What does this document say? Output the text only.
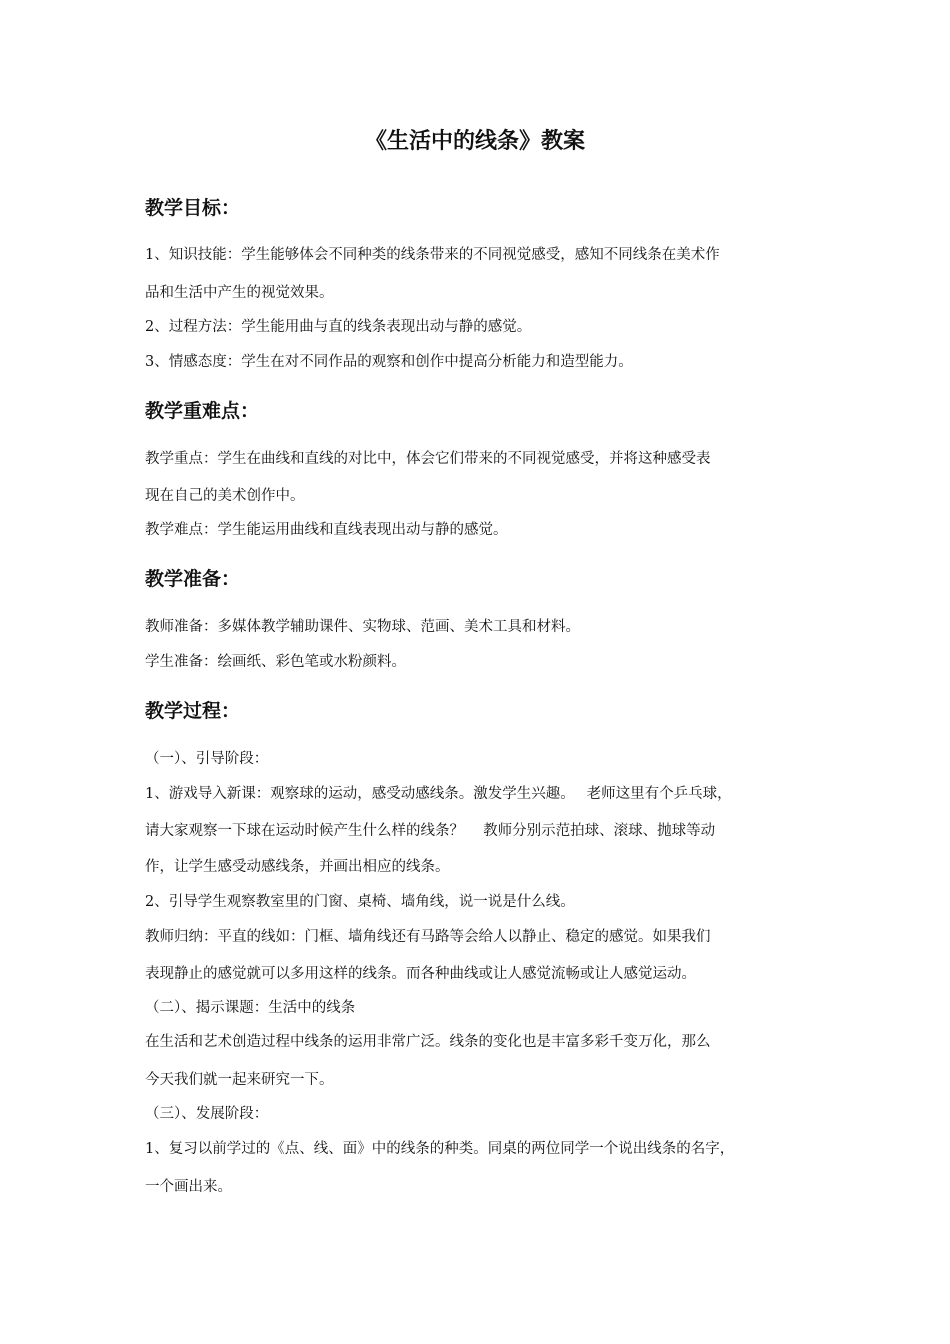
《生活中的线条》教案
教学目标：

1、知识技能：学生能够体会不同种类的线条带来的不同视觉感受，感知不同线条在美术作

品和生活中产生的视觉效果。

2、过程方法：学生能用曲与直的线条表现出动与静的感觉。

3、情感态度：学生在对不同作品的观察和创作中提高分析能力和造型能力。

教学重难点：

教学重点：学生在曲线和直线的对比中，体会它们带来的不同视觉感受，并将这种感受表

现在自己的美术创作中。

教学难点：学生能运用曲线和直线表现出动与静的感觉。

教学准备：

教师准备：多媒体教学辅助课件、实物球、范画、美术工具和材料。

学生准备：绘画纸、彩色笔或水粉颜料。

教学过程：

（一）、引导阶段：

1、游戏导入新课：观察球的运动，感受动感线条。激发学生兴趣。　 老师这里有个乒乓球，

请大家观察一下球在运动时候产生什么样的线条？　 教师分别示范拍球、滚球、抛球等动

作，让学生感受动感线条，并画出相应的线条。

2、引导学生观察教室里的门窗、桌椅、墙角线，说一说是什么线。

教师归纳：平直的线如：门框、墙角线还有马路等会给人以静止、稳定的感觉。如果我们

表现静止的感觉就可以多用这样的线条。而各种曲线或让人感觉流畅或让人感觉运动。

（二）、揭示课题：生活中的线条

在生活和艺术创造过程中线条的运用非常广泛。线条的变化也是丰富多彩千变万化，那么

今天我们就一起来研究一下。

（三）、发展阶段：

1、复习以前学过的《点、线、面》中的线条的种类。同桌的两位同学一个说出线条的名字，

一个画出来。
